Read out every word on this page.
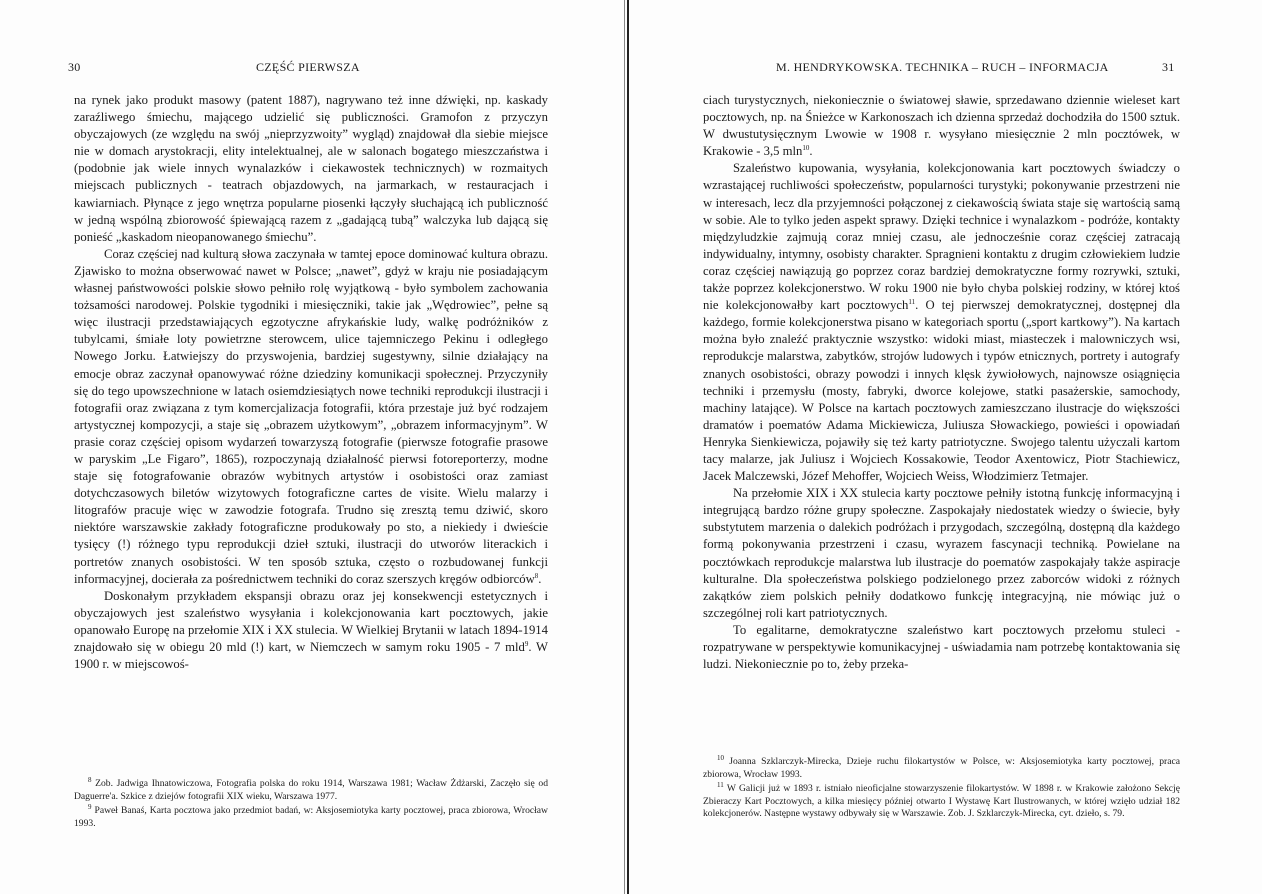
30	CZĘŚĆ PIERWSZA

na rynek jako produkt masowy (patent 1887), nagrywano też inne dźwięki, np. kaskady zaraźliwego śmiechu, mającego udzielić się publiczności. Gramofon z przyczyn obyczajowych (ze względu na swój „nieprzyzwoity” wygląd) znajdował dla siebie miejsce nie w domach arystokracji, elity intelektualnej, ale w salonach bogatego mieszczaństwa i (podobnie jak wiele innych wynalazków i ciekawostek technicznych) w rozmaitych miejscach publicznych - teatrach objazdowych, na jarmarkach, w restauracjach i kawiarniach. Płynące z jego wnętrza popularne piosenki łączyły słuchającą ich publiczność w jedną wspólną zbiorowość śpiewającą razem z „gadającą tubą” walczyka lub dającą się ponieść „kaskadom nieopanowanego śmiechu”.

Coraz częściej nad kulturą słowa zaczynała w tamtej epoce dominować kultura obrazu. Zjawisko to można obserwować nawet w Polsce; „nawet”, gdyż w kraju nie posiadającym własnej państwowości polskie słowo pełniło rolę wyjątkową - było symbolem zachowania tożsamości narodowej. Polskie tygodniki i miesięczniki, takie jak „Wędrowiec”, pełne są więc ilustracji przedstawiających egzotyczne afrykańskie ludy, walkę podróżników z tubylcami, śmiałe loty powietrzne sterowcem, ulice tajemniczego Pekinu i odległego Nowego Jorku. Łatwiejszy do przyswojenia, bardziej sugestywny, silnie działający na emocje obraz zaczynał opanowywać różne dziedziny komunikacji społecznej. Przyczyniły się do tego upowszechnione w latach osiemdziesiątych nowe techniki reprodukcji ilustracji i fotografii oraz związana z tym komercjalizacja fotografii, która przestaje już być rodzajem artystycznej kompozycji, a staje się „obrazem użytkowym”, „obrazem informacyjnym”. W prasie coraz częściej opisom wydarzeń towarzyszą fotografie (pierwsze fotografie prasowe w paryskim „Le Figaro”, 1865), rozpoczynają działalność pierwsi fotoreporterzy, modne staje się fotografowanie obrazów wybitnych artystów i osobistości oraz zamiast dotychczasowych biletów wizytowych fotograficzne cartes de visite. Wielu malarzy i litografów pracuje więc w zawodzie fotografa. Trudno się zresztą temu dziwić, skoro niektóre warszawskie zakłady fotograficzne produkowały po sto, a niekiedy i dwieście tysięcy (!) różnego typu reprodukcji dzieł sztuki, ilustracji do utworów literackich i portretów znanych osobistości. W ten sposób sztuka, często o rozbudowanej funkcji informacyjnej, docierała za pośrednictwem techniki do coraz szerszych kręgów odbiorców$^8$.

Doskonałym przykładem ekspansji obrazu oraz jej konsekwencji estetycznych i obyczajowych jest szaleństwo wysyłania i kolekcjonowania kart pocztowych, jakie opanowało Europę na przełomie XIX i XX stulecia. W Wielkiej Brytanii w latach 1894-1914 znajdowało się w obiegu 20 mld (!) kart, w Niemczech w samym roku 1905 - 7 mld$^9$. W 1900 r. w miejscowoś-

$^8$ Zob. Jadwiga Ihnatowiczowa, Fotografia polska do roku 1914, Warszawa 1981; Wacław Żdżarski, Zaczęło się od Daguerre'a. Szkice z dziejów fotografii XIX wieku, Warszawa 1977.

$^9$ Paweł Banaś, Karta pocztowa jako przedmiot badań, w: Aksjosemiotyka karty pocztowej, praca zbiorowa, Wrocław 1993.

M. HENDRYKOWSKA. TECHNIKA – RUCH – INFORMACJA	31

ciach turystycznych, niekoniecznie o światowej sławie, sprzedawano dziennie wieleset kart pocztowych, np. na Śnieżce w Karkonoszach ich dzienna sprzedaż dochodziła do 1500 sztuk. W dwustutysięcznym Lwowie w 1908 r. wysyłano miesięcznie 2 mln pocztówek, w Krakowie - 3,5 mln$^{10}$.

Szaleństwo kupowania, wysyłania, kolekcjonowania kart pocztowych świadczy o wzrastającej ruchliwości społeczeństw, popularności turystyki; pokonywanie przestrzeni nie w interesach, lecz dla przyjemności połączonej z ciekawością świata staje się wartością samą w sobie. Ale to tylko jeden aspekt sprawy. Dzięki technice i wynalazkom - podróże, kontakty międzyludzkie zajmują coraz mniej czasu, ale jednocześnie coraz częściej zatracają indywidualny, intymny, osobisty charakter. Spragnieni kontaktu z drugim człowiekiem ludzie coraz częściej nawiązują go poprzez coraz bardziej demokratyczne formy rozrywki, sztuki, także poprzez kolekcjonerstwo. W roku 1900 nie było chyba polskiej rodziny, w której ktoś nie kolekcjonowałby kart pocztowych$^{11}$. O tej pierwszej demokratycznej, dostępnej dla każdego, formie kolekcjonerstwa pisano w kategoriach sportu („sport kartkowy”). Na kartach można było znaleźć praktycznie wszystko: widoki miast, miasteczek i malowniczych wsi, reprodukcje malarstwa, zabytków, strojów ludowych i typów etnicznych, portrety i autografy znanych osobistości, obrazy powodzi i innych klęsk żywiołowych, najnowsze osiągnięcia techniki i przemysłu (mosty, fabryki, dworce kolejowe, statki pasażerskie, samochody, machiny latające). W Polsce na kartach pocztowych zamieszczano ilustracje do większości dramatów i poematów Adama Mickiewicza, Juliusza Słowackiego, powieści i opowiadań Henryka Sienkiewicza, pojawiły się też karty patriotyczne. Swojego talentu użyczali kartom tacy malarze, jak Juliusz i Wojciech Kossakowie, Teodor Axentowicz, Piotr Stachiewicz, Jacek Malczewski, Józef Mehoffer, Wojciech Weiss, Włodzimierz Tetmajer.

Na przełomie XIX i XX stulecia karty pocztowe pełniły istotną funkcję informacyjną i integrującą bardzo różne grupy społeczne. Zaspokajały niedostatek wiedzy o świecie, były substytutem marzenia o dalekich podróżach i przygodach, szczególną, dostępną dla każdego formą pokonywania przestrzeni i czasu, wyrazem fascynacji techniką. Powielane na pocztówkach reprodukcje malarstwa lub ilustracje do poematów zaspokajały także aspiracje kulturalne. Dla społeczeństwa polskiego podzielonego przez zaborców widoki z różnych zakątków ziem polskich pełniły dodatkowo funkcję integracyjną, nie mówiąc już o szczególnej roli kart patriotycznych.

To egalitarne, demokratyczne szaleństwo kart pocztowych przełomu stuleci - rozpatrywane w perspektywie komunikacyjnej - uświadamia nam potrzebę kontaktowania się ludzi. Niekoniecznie po to, żeby przeka-

$^{10}$ Joanna Szklarczyk-Mirecka, Dzieje ruchu filokartystów w Polsce, w: Aksjosemiotyka karty pocztowej, praca zbiorowa, Wrocław 1993.

$^{11}$ W Galicji już w 1893 r. istniało nieoficjalne stowarzyszenie filokartystów. W 1898 r. w Krakowie założono Sekcję Zbieraczy Kart Pocztowych, a kilka miesięcy później otwarto I Wystawę Kart Ilustrowanych, w której wzięło udział 182 kolekcjonerów. Następne wystawy odbywały się w Warszawie. Zob. J. Szklarczyk-Mirecka, cyt. dzieło, s. 79.
